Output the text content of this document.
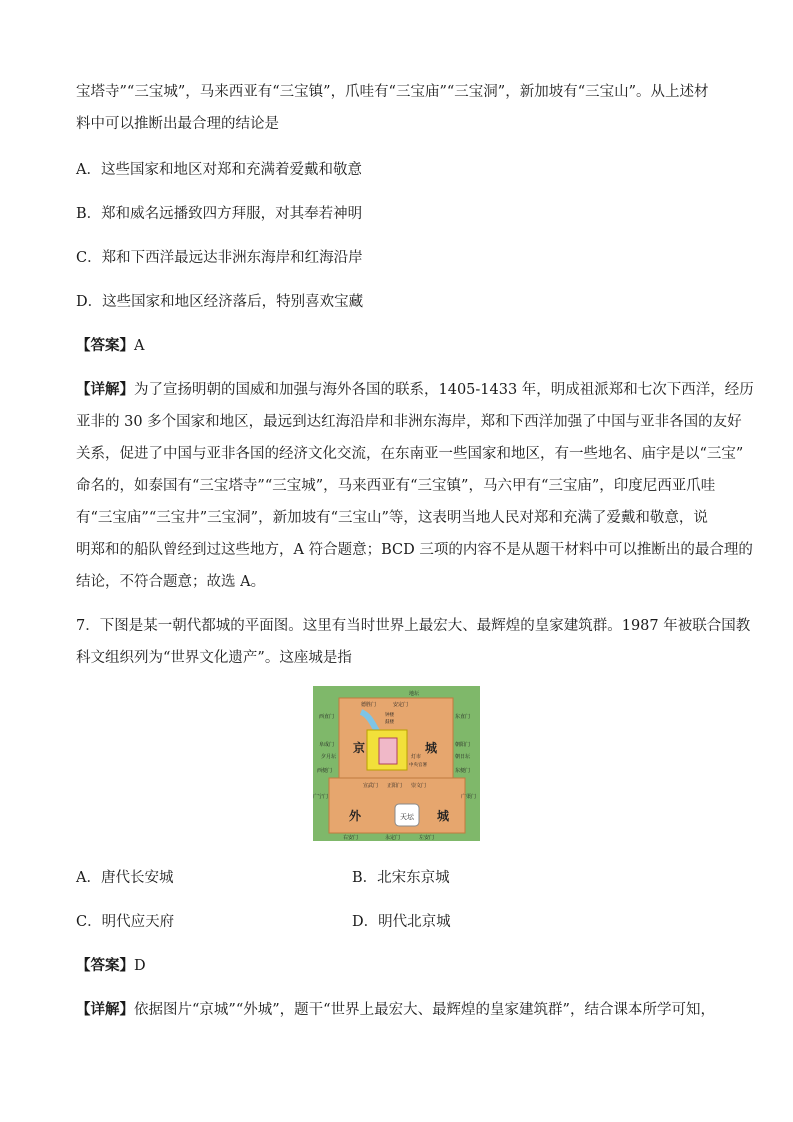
宝塔寺”“三宝城”，马来西亚有“三宝镇”，爪哇有“三宝庙”“三宝洞”，新加坡有“三宝山”。从上述材
料中可以推断出最合理的结论是
A．这些国家和地区对郑和充满着爱戴和敬意
B．郑和威名远播致四方拜服，对其奉若神明
C．郑和下西洋最远达非洲东海岸和红海沿岸
D．这些国家和地区经济落后，特别喜欢宝藏
【答案】A
【详解】为了宣扬明朝的国威和加强与海外各国的联系，1405-1433 年，明成祖派郑和七次下西洋，经历
亚非的 30 多个国家和地区，最远到达红海沿岸和非洲东海岸，郑和下西洋加强了中国与亚非各国的友好
关系，促进了中国与亚非各国的经济文化交流，在东南亚一些国家和地区，有一些地名、庙宇是以“三宝”
命名的，如泰国有“三宝塔寺”“三宝城”，马来西亚有“三宝镇”，马六甲有“三宝庙”，印度尼西亚爪哇
有“三宝庙”“三宝井”三宝洞”，新加坡有“三宝山”等，这表明当地人民对郑和充满了爱戴和敬意，说
明郑和的船队曾经到过这些地方，A 符合题意；BCD 三项的内容不是从题干材料中可以推断出的最合理的
结论，不符合题意；故选 A。
7．下图是某一朝代都城的平面图。这里有当时世界上最宏大、最辉煌的皇家建筑群。1987 年被联合国教
科文组织列为“世界文化遗产”。这座城是指
京	城
外	城
天坛
地坛
德胜门	安定门
西直门	东直门
阜成门	朝阳门
夕月坛	朝日坛
西便门	东便门
广宁门	广渠门
宣武门 正阳门 崇文门
右安门	永定门	左安门
钟楼
鼓楼
灯市
中央官署
A．唐代长安城	B．北宋东京城
C．明代应天府	D．明代北京城
【答案】D
【详解】依据图片“京城”“外城”，题干“世界上最宏大、最辉煌的皇家建筑群”，结合课本所学可知，
